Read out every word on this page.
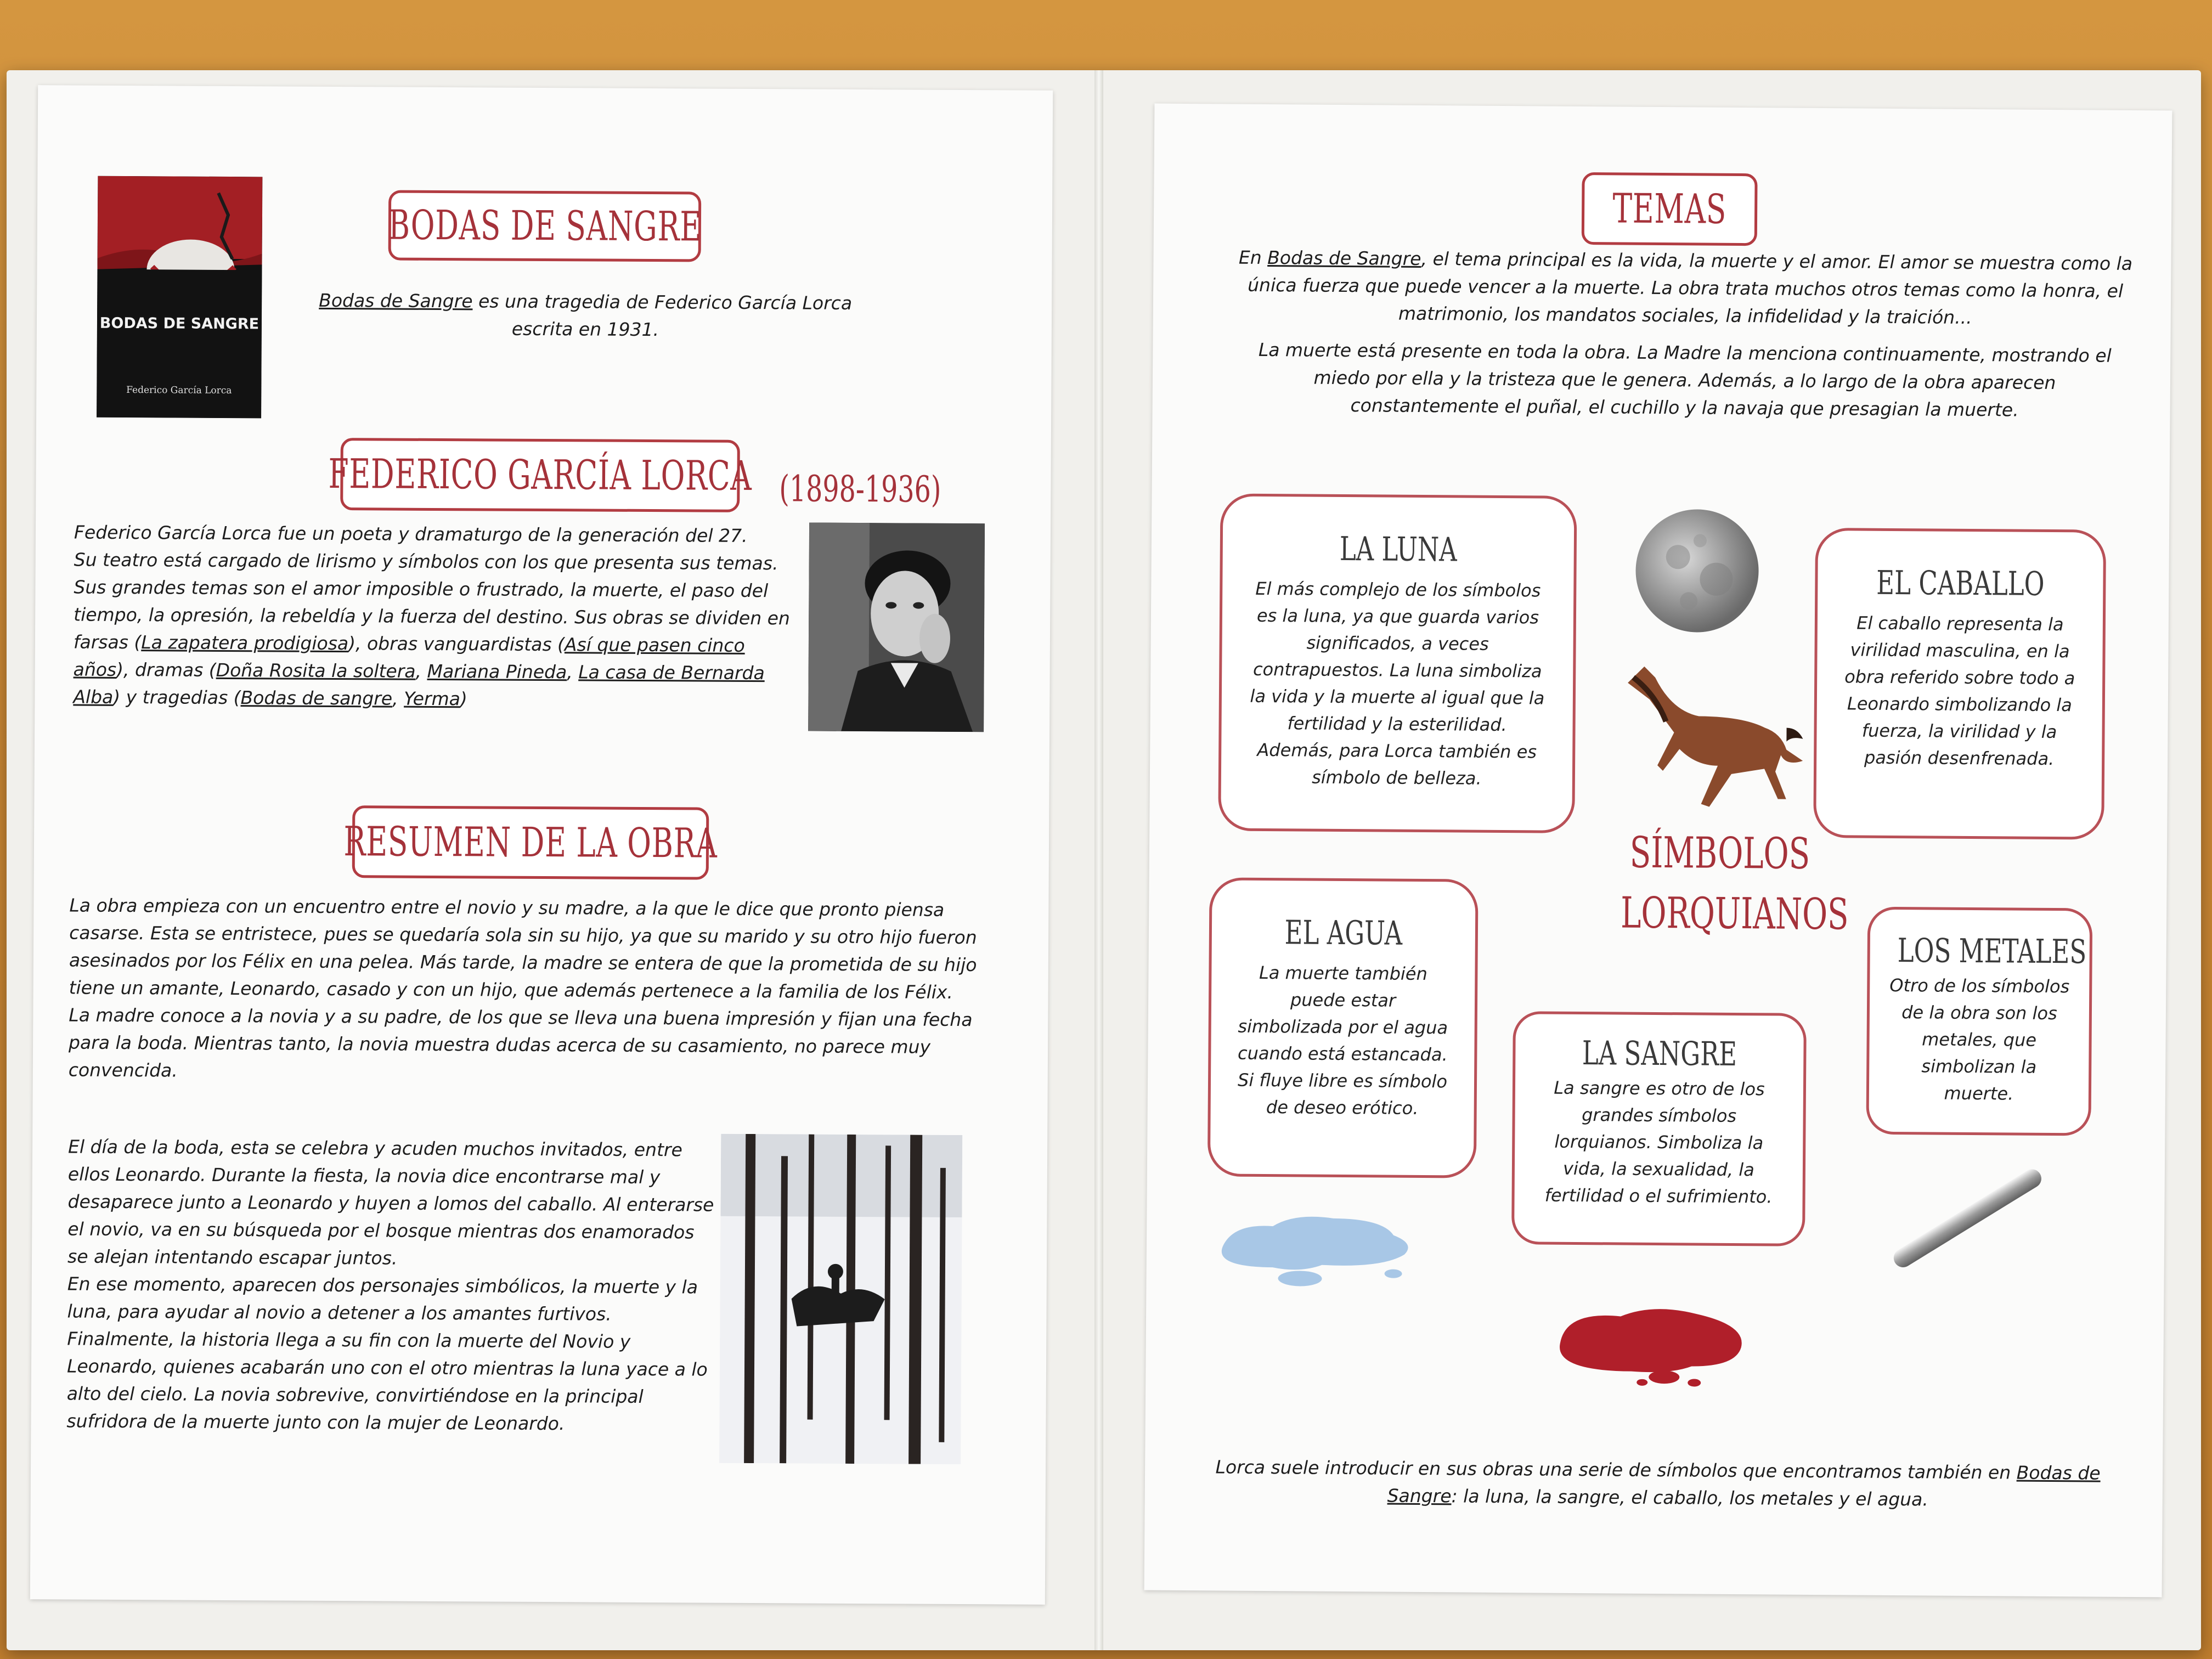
BODAS DE SANGRE
Federico García Lorca
BODAS DE SANGRE

Bodas de Sangre es una tragedia de Federico García Lorca

escrita en 1931.

FEDERICO GARCÍA LORCA (1898-1936)

Federico García Lorca fue un poeta y dramaturgo de la generación del 27.

Su teatro está cargado de lirismo y símbolos con los que presenta sus temas.

Sus grandes temas son el amor imposible o frustrado, la muerte, el paso del

tiempo, la opresión, la rebeldía y la fuerza del destino. Sus obras se dividen en

farsas (La zapatera prodigiosa), obras vanguardistas (Así que pasen cinco

años), dramas (Doña Rosita la soltera, Mariana Pineda, La casa de Bernarda

Alba) y tragedias (Bodas de sangre, Yerma)

RESUMEN DE LA OBRA

La obra empieza con un encuentro entre el novio y su madre, a la que le dice que pronto piensa casarse. Esta se entristece, pues se quedaría sola sin su hijo, ya que su marido y su otro hijo fueron asesinados por los Félix en una pelea. Más tarde, la madre se entera de que la prometida de su hijo tiene un amante, Leonardo, casado y con un hijo, que además pertenece a la familia de los Félix.

La madre conoce a la novia y a su padre, de los que se lleva una buena impresión y fijan una fecha para la boda. Mientras tanto, la novia muestra dudas acerca de su casamiento, no parece muy convencida.

El día de la boda, esta se celebra y acuden muchos invitados, entre ellos Leonardo. Durante la fiesta, la novia dice encontrarse mal y desaparece junto a Leonardo y huyen a lomos del caballo. Al enterarse el novio, va en su búsqueda por el bosque mientras dos enamorados se alejan intentando escapar juntos.

En ese momento, aparecen dos personajes simbólicos, la muerte y la luna, para ayudar al novio a detener a los amantes furtivos. Finalmente, la historia llega a su fin con la muerte del Novio y Leonardo, quienes acabarán uno con el otro mientras la luna yace a lo alto del cielo. La novia sobrevive, convirtiéndose en la principal sufridora de la muerte junto con la mujer de Leonardo.

TEMAS

En Bodas de Sangre, el tema principal es la vida, la muerte y el amor. El amor se muestra como la única fuerza que puede vencer a la muerte. La obra trata muchos otros temas como la honra, el matrimonio, los mandatos sociales, la infidelidad y la traición...

La muerte está presente en toda la obra. La Madre la menciona continuamente, mostrando el miedo por ella y la tristeza que le genera. Además, a lo largo de la obra aparecen constantemente el puñal, el cuchillo y la navaja que presagian la muerte.

LA LUNA
El más complejo de los símbolos es la luna, ya que guarda varios significados, a veces contrapuestos. La luna simboliza la vida y la muerte al igual que la fertilidad y la esterilidad. Además, para Lorca también es símbolo de belleza.
EL CABALLO
El caballo representa la virilidad masculina, en la obra referido sobre todo a Leonardo simbolizando la fuerza, la virilidad y la pasión desenfrenada.
SÍMBOLOS
LORQUIANOS
EL AGUA
La muerte también puede estar simbolizada por el agua cuando está estancada. Si fluye libre es símbolo de deseo erótico.
LA SANGRE
La sangre es otro de los grandes símbolos lorquianos. Simboliza la vida, la sexualidad, la fertilidad o el sufrimiento.
LOS METALES
Otro de los símbolos de la obra son los metales, que simbolizan la muerte.

Lorca suele introducir en sus obras una serie de símbolos que encontramos también en Bodas de Sangre: la luna, la sangre, el caballo, los metales y el agua.
